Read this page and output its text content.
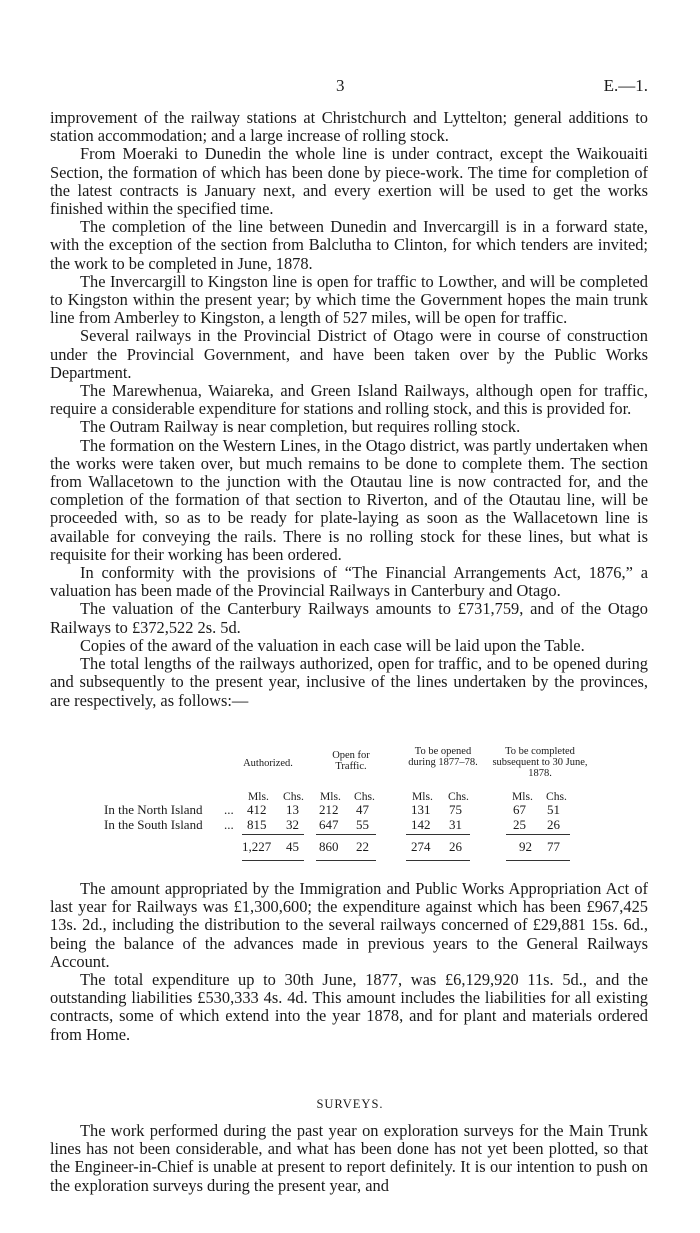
3	E.—1.

improvement of the railway stations at Christchurch and Lyttelton; general additions to station accommodation; and a large increase of rolling stock.

From Moeraki to Dunedin the whole line is under contract, except the Waikouaiti Section, the formation of which has been done by piece-work. The time for completion of the latest contracts is January next, and every exertion will be used to get the works finished within the specified time.

The completion of the line between Dunedin and Invercargill is in a forward state, with the exception of the section from Balclutha to Clinton, for which tenders are invited; the work to be completed in June, 1878.

The Invercargill to Kingston line is open for traffic to Lowther, and will be completed to Kingston within the present year; by which time the Government hopes the main trunk line from Amberley to Kingston, a length of 527 miles, will be open for traffic.

Several railways in the Provincial District of Otago were in course of construction under the Provincial Government, and have been taken over by the Public Works Department.

The Marewhenua, Waiareka, and Green Island Railways, although open for traffic, require a considerable expenditure for stations and rolling stock, and this is provided for.

The Outram Railway is near completion, but requires rolling stock.

The formation on the Western Lines, in the Otago district, was partly undertaken when the works were taken over, but much remains to be done to complete them. The section from Wallacetown to the junction with the Otautau line is now contracted for, and the completion of the formation of that section to Riverton, and of the Otautau line, will be proceeded with, so as to be ready for plate-laying as soon as the Wallacetown line is available for conveying the rails. There is no rolling stock for these lines, but what is requisite for their working has been ordered.

In conformity with the provisions of “The Financial Arrangements Act, 1876,” a valuation has been made of the Provincial Railways in Canterbury and Otago.

The valuation of the Canterbury Railways amounts to £731,759, and of the Otago Railways to £372,522 2s. 5d.

Copies of the award of the valuation in each case will be laid upon the Table.

The total lengths of the railways authorized, open for traffic, and to be opened during and subsequently to the present year, inclusive of the lines undertaken by the provinces, are respectively, as follows:—

Authorized.
Open for Traffic.
To be opened during 1877–78.
To be completed subsequent to 30 June, 1878.
Mls. Chs. Mls. Chs.	Mls. Chs.	Mls. Chs.
In the North Island ... 412 13 212 47	131 75	67 51
In the South Island ... 815 32 647 55	142 31	25 26
1,227 45 860 22	274 26	92 77

The amount appropriated by the Immigration and Public Works Appropriation Act of last year for Railways was £1,300,600; the expenditure against which has been £967,425 13s. 2d., including the distribution to the several railways concerned of £29,881 15s. 6d., being the balance of the advances made in previous years to the General Railways Account.

The total expenditure up to 30th June, 1877, was £6,129,920 11s. 5d., and the outstanding liabilities £530,333 4s. 4d. This amount includes the liabilities for all existing contracts, some of which extend into the year 1878, and for plant and materials ordered from Home.

SURVEYS.

The work performed during the past year on exploration surveys for the Main Trunk lines has not been considerable, and what has been done has not yet been plotted, so that the Engineer-in-Chief is unable at present to report definitely. It is our intention to push on the exploration surveys during the present year, and
